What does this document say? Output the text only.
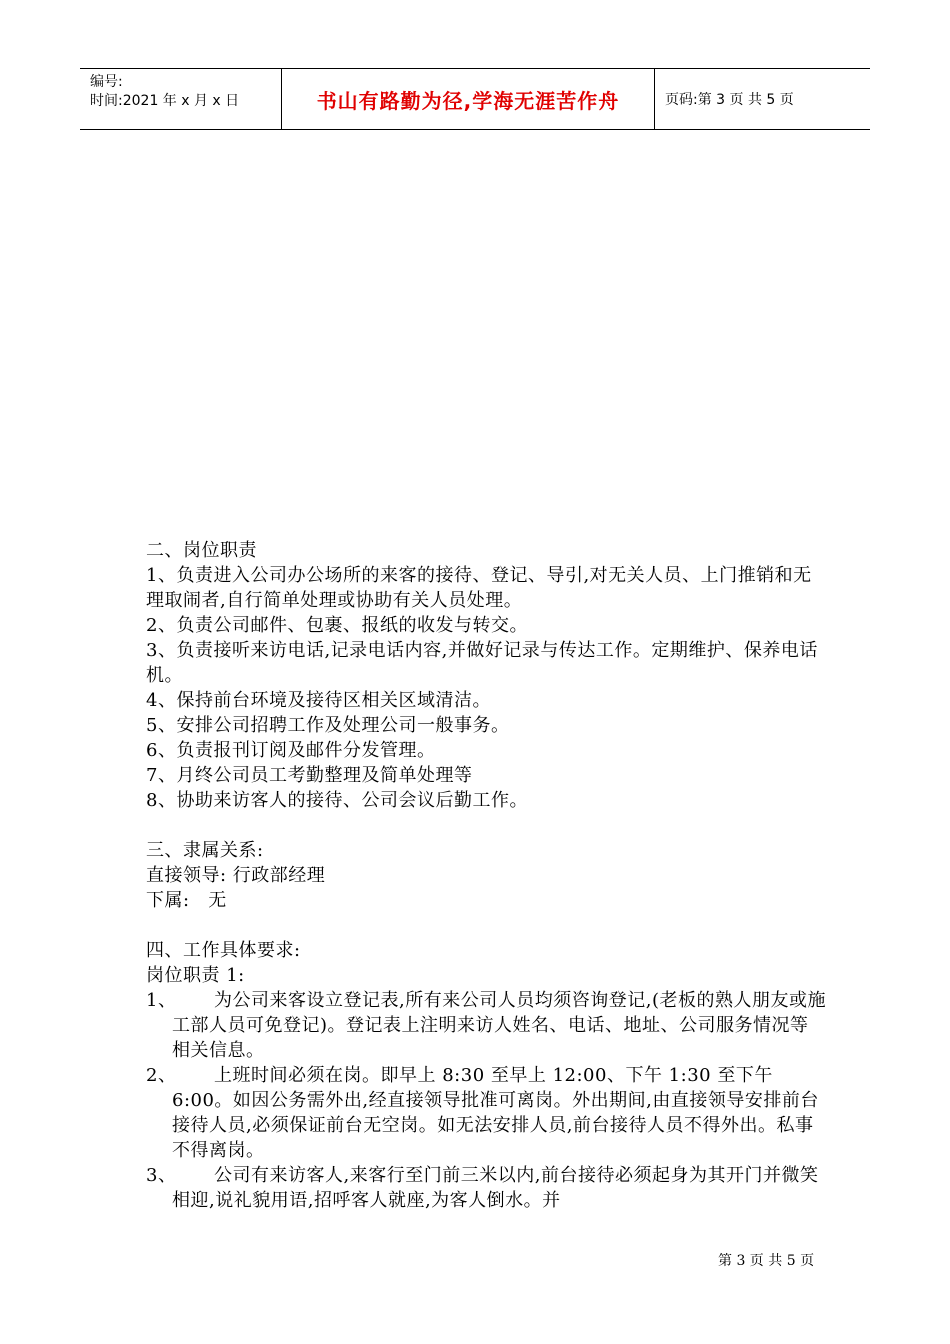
编号:
时间:2021 年 x 月 x 日	书山有路勤为径,学海无涯苦作舟	页码:第 3 页 共 5 页

二、岗位职责

1、负责进入公司办公场所的来客的接待、登记、导引,对无关人员、上门推销和无理取闹者,自行简单处理或协助有关人员处理。

2、负责公司邮件、包裹、报纸的收发与转交。

3、负责接听来访电话,记录电话内容,并做好记录与传达工作。定期维护、保养电话机。

4、保持前台环境及接待区相关区域清洁。

5、安排公司招聘工作及处理公司一般事务。

6、负责报刊订阅及邮件分发管理。

7、月终公司员工考勤整理及简单处理等

8、协助来访客人的接待、公司会议后勤工作。

三、隶属关系:

直接领导: 行政部经理

下属:   无

四、工作具体要求:

岗位职责 1:

1、	为公司来客设立登记表,所有来公司人员均须咨询登记,(老板的熟人朋友或施工部人员可免登记)。登记表上注明来访人姓名、电话、地址、公司服务情况等相关信息。
2、	上班时间必须在岗。即早上 8:30 至早上 12:00、下午 1:30 至下午 6:00。如因公务需外出,经直接领导批准可离岗。外出期间,由直接领导安排前台接待人员,必须保证前台无空岗。如无法安排人员,前台接待人员不得外出。私事不得离岗。
3、	公司有来访客人,来客行至门前三米以内,前台接待必须起身为其开门并微笑相迎,说礼貌用语,招呼客人就座,为客人倒水。并
第 3 页 共 5 页
